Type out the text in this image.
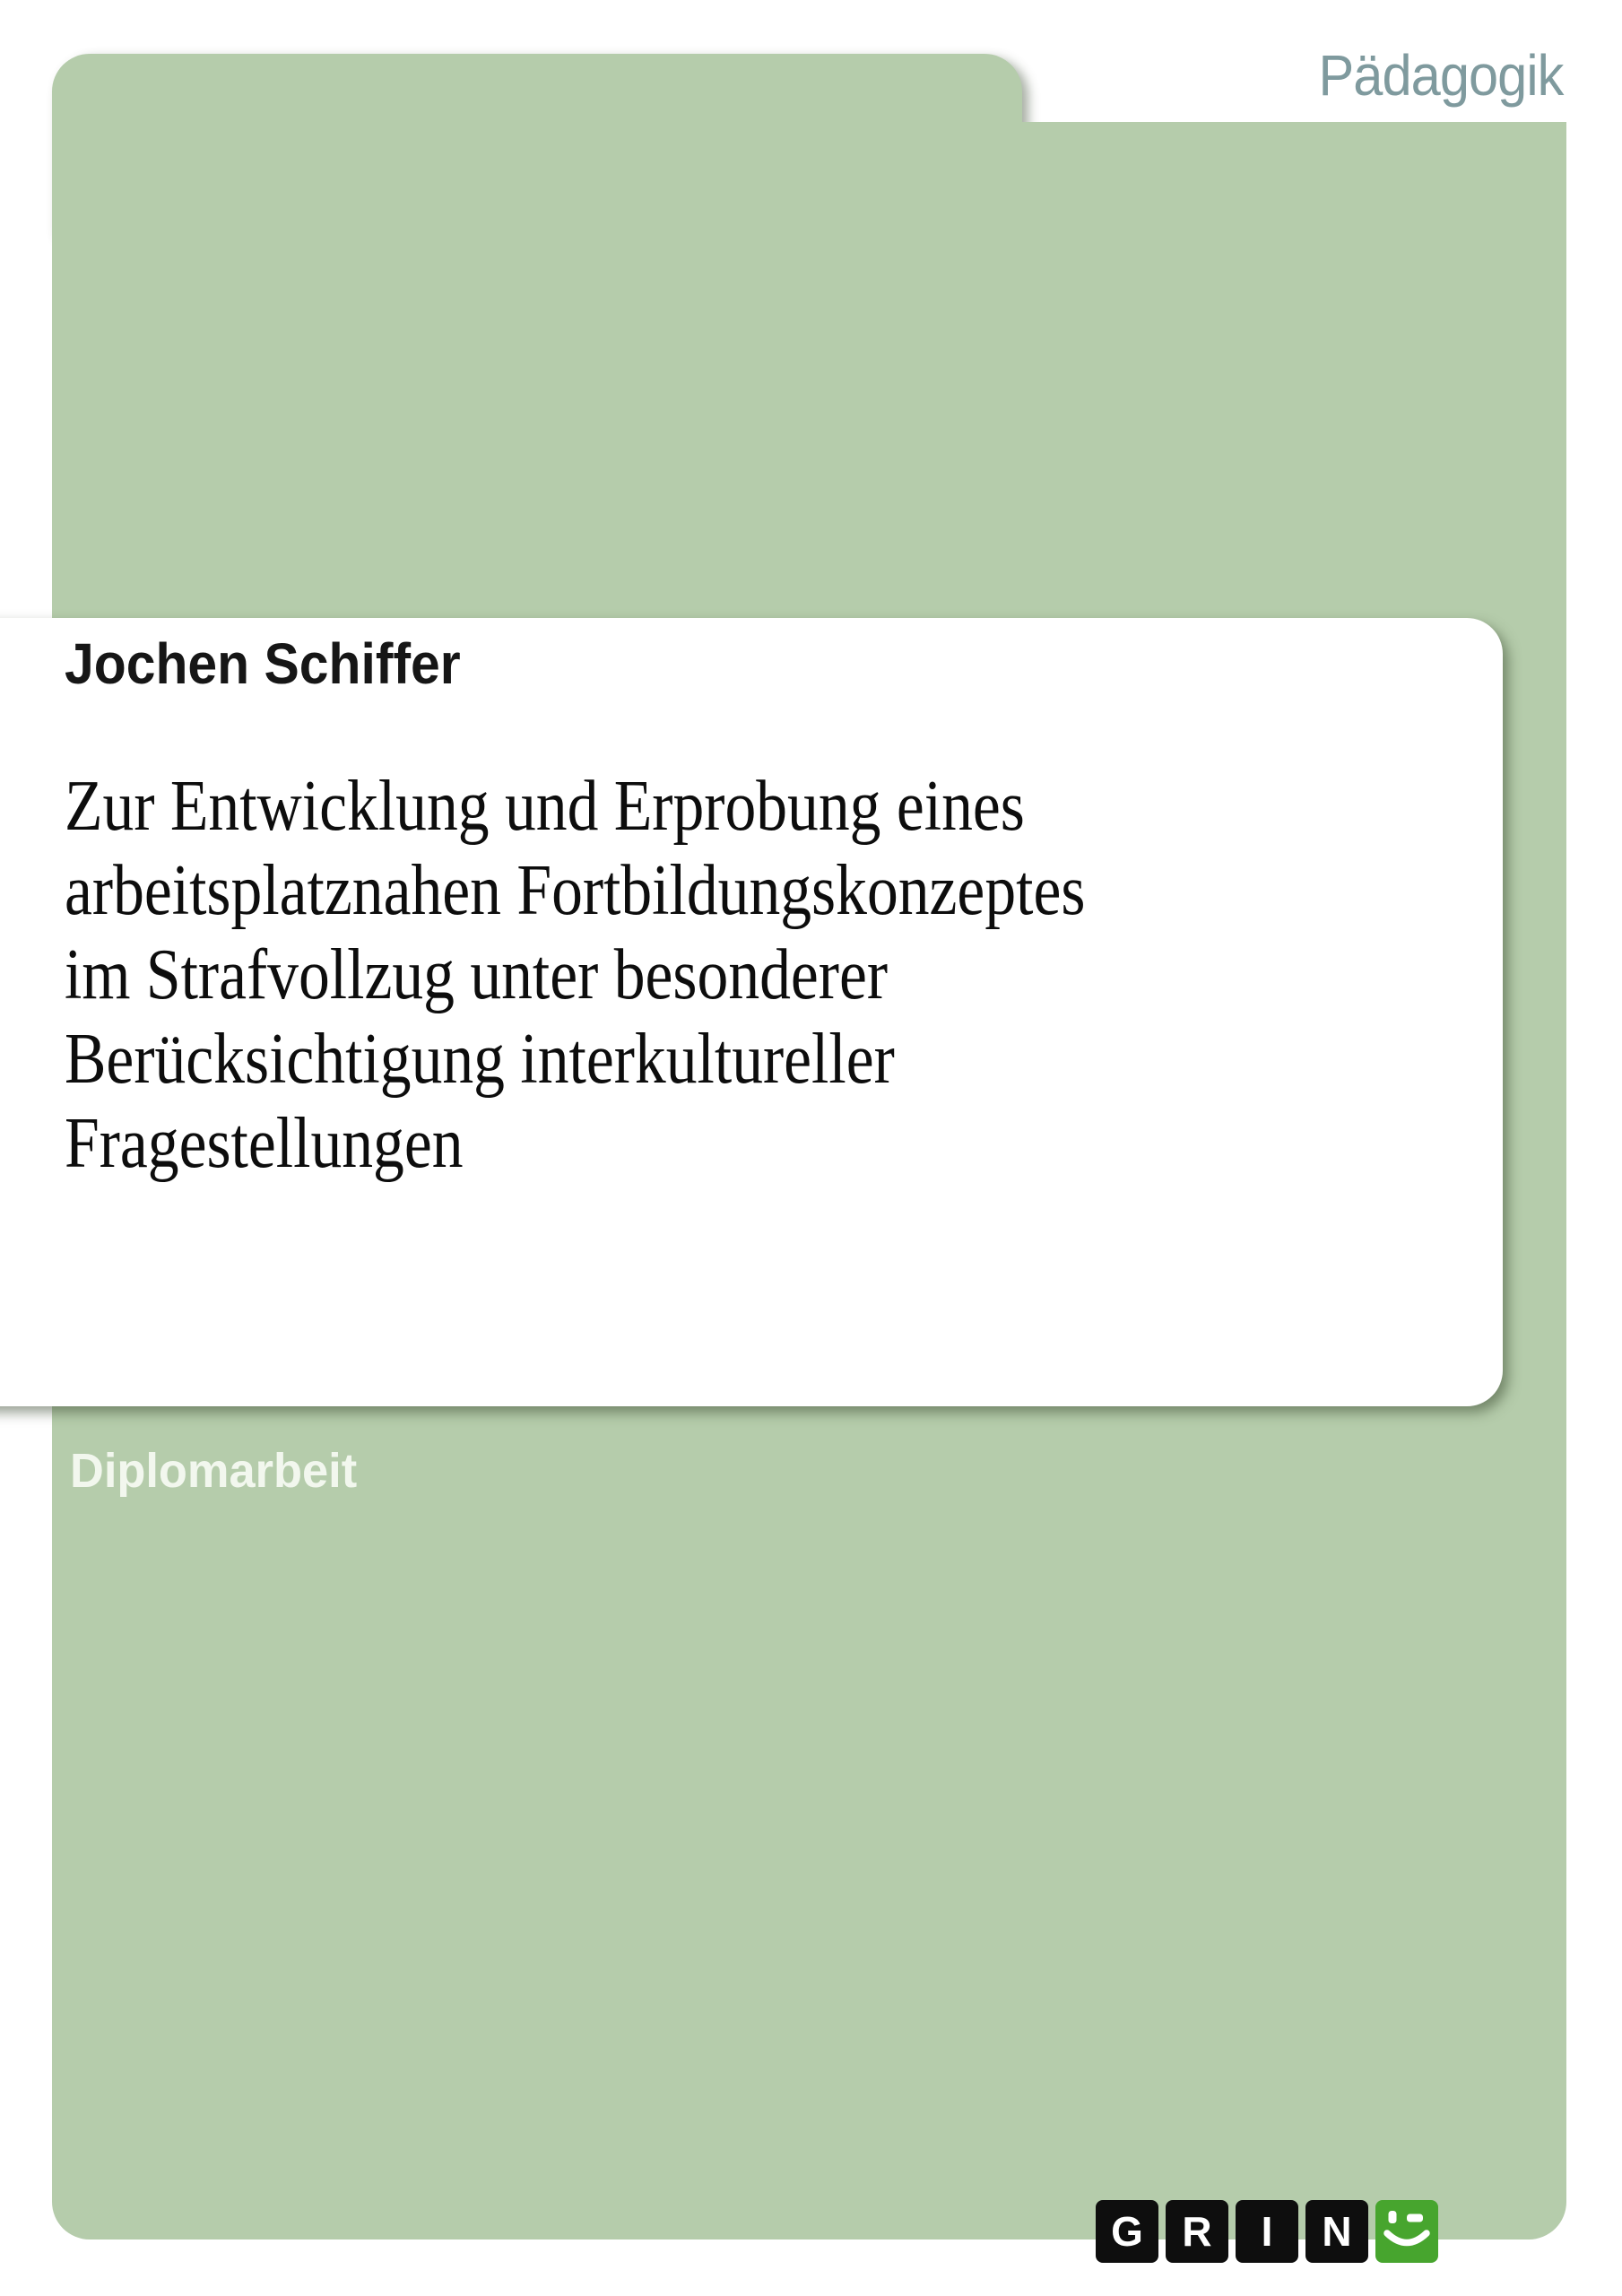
Pädagogik
Jochen Schiffer
Zur Entwicklung und Erprobung eines
arbeitsplatznahen Fortbildungskonzeptes
im Strafvollzug unter besonderer
Berücksichtigung interkultureller
Fragestellungen
Diplomarbeit
G R	I	N
